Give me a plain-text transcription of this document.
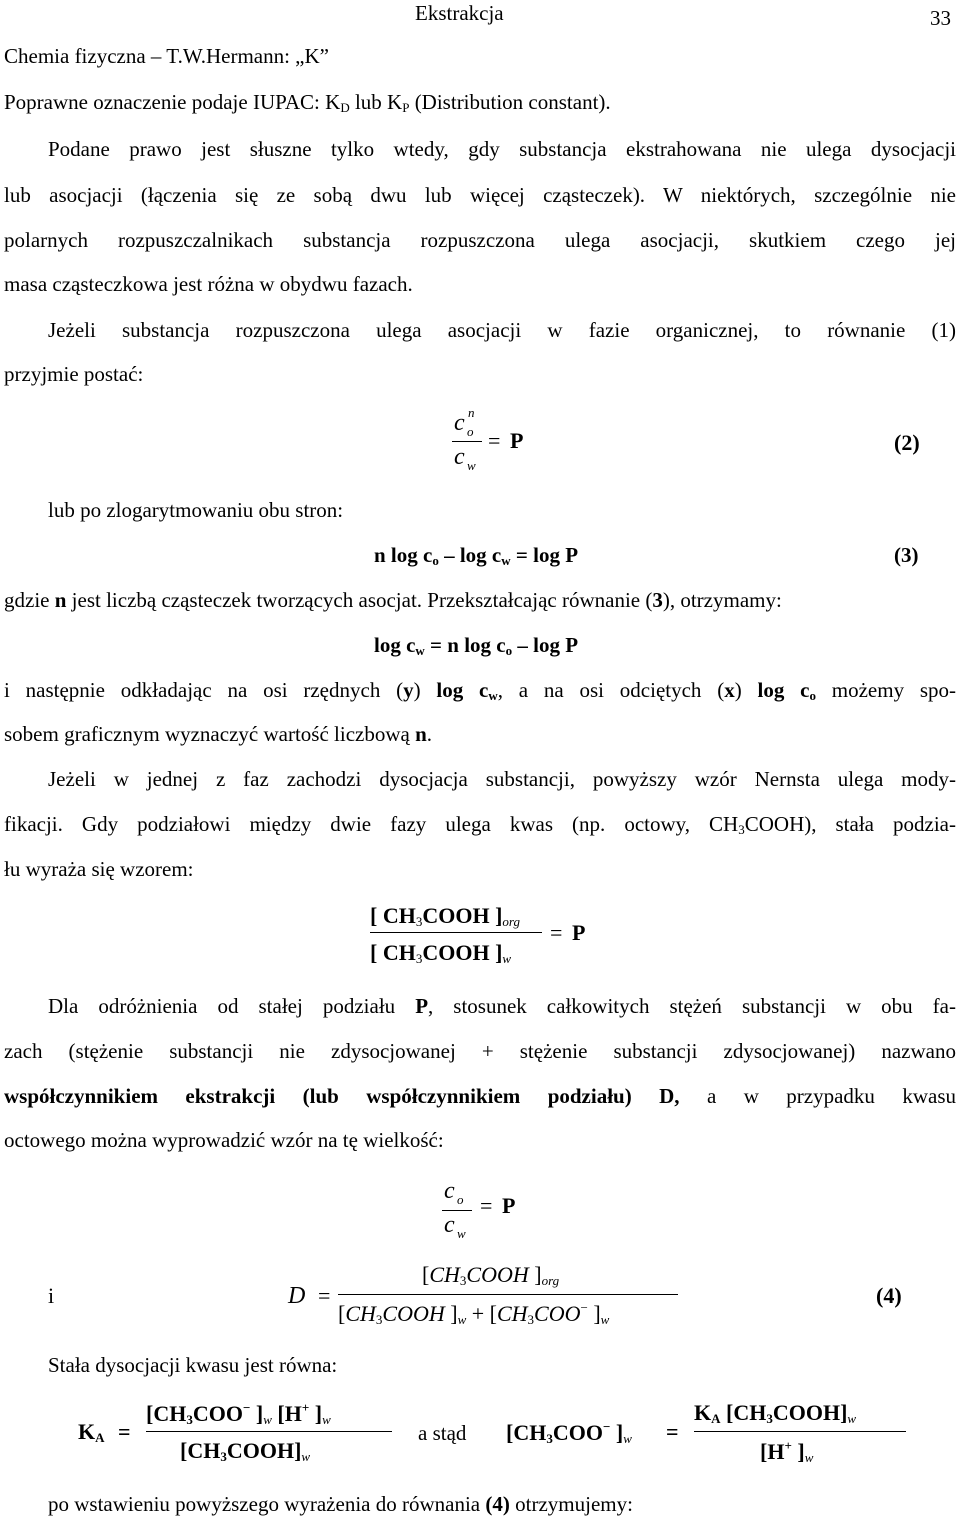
Ekstrakcja	33
Chemia fizyczna – T.W.Hermann: „K”
Poprawne oznaczenie podaje IUPAC: $K_D$ lub $K_P$ (Distribution constant).
Podane prawo jest słuszne tylko wtedy, gdy substancja ekstrahowana nie ulega dysocjacji
lub asocjacji (łączenia się ze sobą dwu lub więcej cząsteczek). W niektórych, szczególnie nie
polarnych rozpuszczalnikach substancja rozpuszczona ulega asocjacji, skutkiem czego jej
masa cząsteczkowa jest różna w obydwu fazach.
Jeżeli substancja rozpuszczona ulega asocjacji w fazie organicznej, to równanie (1)
przyjmie postać:
c o
n
c w
= P	(2)
lub po zlogarytmowaniu obu stron:
n $\log c_o - \log c_w = \log P$	(3)
gdzie n jest liczbą cząsteczek tworzących asocjat. Przekształcając równanie (3), otrzymamy:
$\log c_w = n$ $\log c_o$ – log P
i następnie odkładając na osi rzędnych (y) $\log c_w$, a na osi odciętych (x) $\log c_o$ możemy spo-
sobem graficznym wyznaczyć wartość liczbową n.
Jeżeli w jednej z faz zachodzi dysocjacja substancji, powyższy wzór Nernsta ulega mody-
fikacji. Gdy podziałowi między dwie fazy ulega kwas (np. octowy, $CH_3COOH$), stała podzia-
łu wyraża się wzorem:
[ $CH_3COOH$ ]$_{org}$
[ $CH_3COOH$ ]$_w$
= P
Dla odróżnienia od stałej podziału P, stosunek całkowitych stężeń substancji w obu fa-
zach (stężenie substancji nie zdysocjowanej + stężenie substancji zdysocjowanej) nazwano
współczynnikiem ekstrakcji (lub współczynnikiem podziału) D, a w przypadku kwasu
octowego można wyprowadzić wzór na tę wielkość:
c o
c w
= P
i	D =
[$CH_3COOH$ ]$_{org}$
[$CH_3COOH$ ]$_w + [CH_3COO^-$ ]$_w$
(4)
Stała dysocjacji kwasu jest równa:
$K_A$ =
[$CH_3COO^-$ ]$_w$ [H+ ]$_w$
$[CH_3COOH]_w$
a stąd [$CH_3COO^-$ ]$_w$ =
$K_A$ $[CH_3COOH]_w$
[H+ ]$_w$
po wstawieniu powyższego wyrażenia do równania (4) otrzymujemy:
